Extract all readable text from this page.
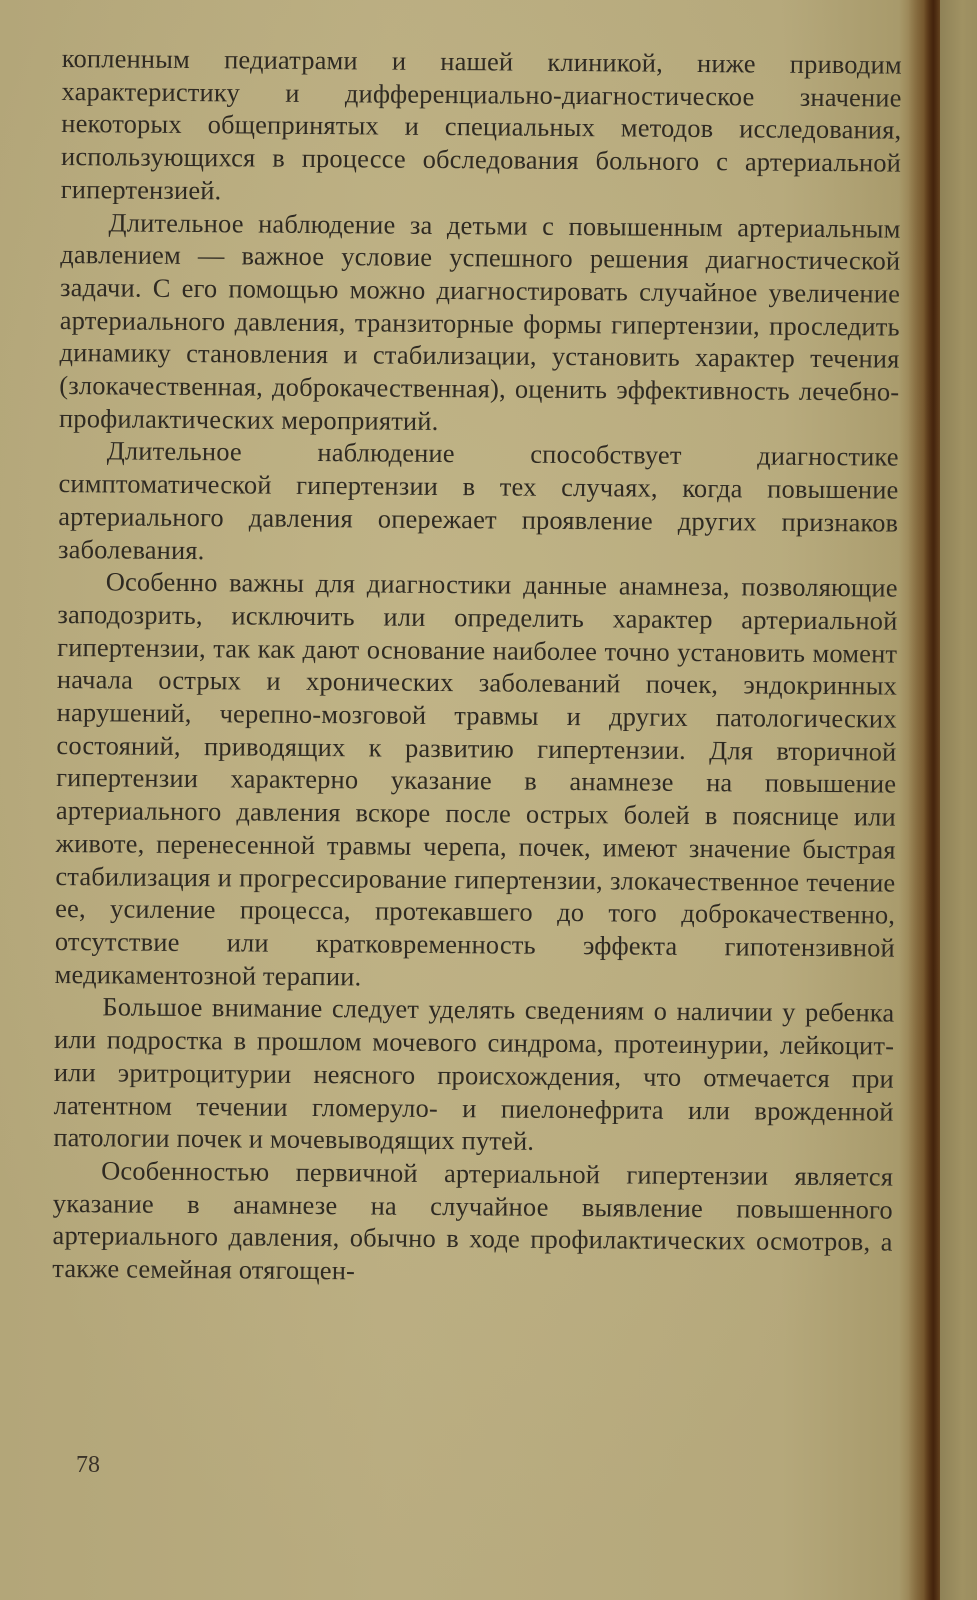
копленным педиатрами и нашей клиникой, ниже приводим характеристику и дифференциально-диагностическое значение некоторых общепринятых и специальных методов исследования, использующихся в процессе обследования больного с артериальной гипертензией.

Длительное наблюдение за детьми с повышенным артериальным давлением — важное условие успешного решения диагностической задачи. С его помощью можно диагностировать случайное увеличение артериального давления, транзиторные формы гипертензии, проследить динамику становления и стабилизации, установить характер течения (злокачественная, доброкачественная), оценить эффективность лечебно-профилактических мероприятий.

Длительное наблюдение способствует диагностике симптоматической гипертензии в тех случаях, когда повышение артериального давления опережает проявление других признаков заболевания.

Особенно важны для диагностики данные анамнеза, позволяющие заподозрить, исключить или определить характер артериальной гипертензии, так как дают основание наиболее точно установить момент начала острых и хронических заболеваний почек, эндокринных нарушений, черепно-мозговой травмы и других патологических состояний, приводящих к развитию гипертензии. Для вторичной гипертензии характерно указание в анамнезе на повышение артериального давления вскоре после острых болей в пояснице или животе, перенесенной травмы черепа, почек, имеют значение быстрая стабилизация и прогрессирование гипертензии, злокачественное течение ее, усиление процесса, протекавшего до того доброкачественно, отсутствие или кратковременность эффекта гипотензивной медикаментозной терапии.

Большое внимание следует уделять сведениям о наличии у ребенка или подростка в прошлом мочевого синдрома, протеинурии, лейкоцит- или эритроцитурии неясного происхождения, что отмечается при латентном течении гломеруло- и пиелонефрита или врожденной патологии почек и мочевыводящих путей.

Особенностью первичной артериальной гипертензии является указание в анамнезе на случайное выявление повышенного артериального давления, обычно в ходе профилактических осмотров, а также семейная отягощен-

78
